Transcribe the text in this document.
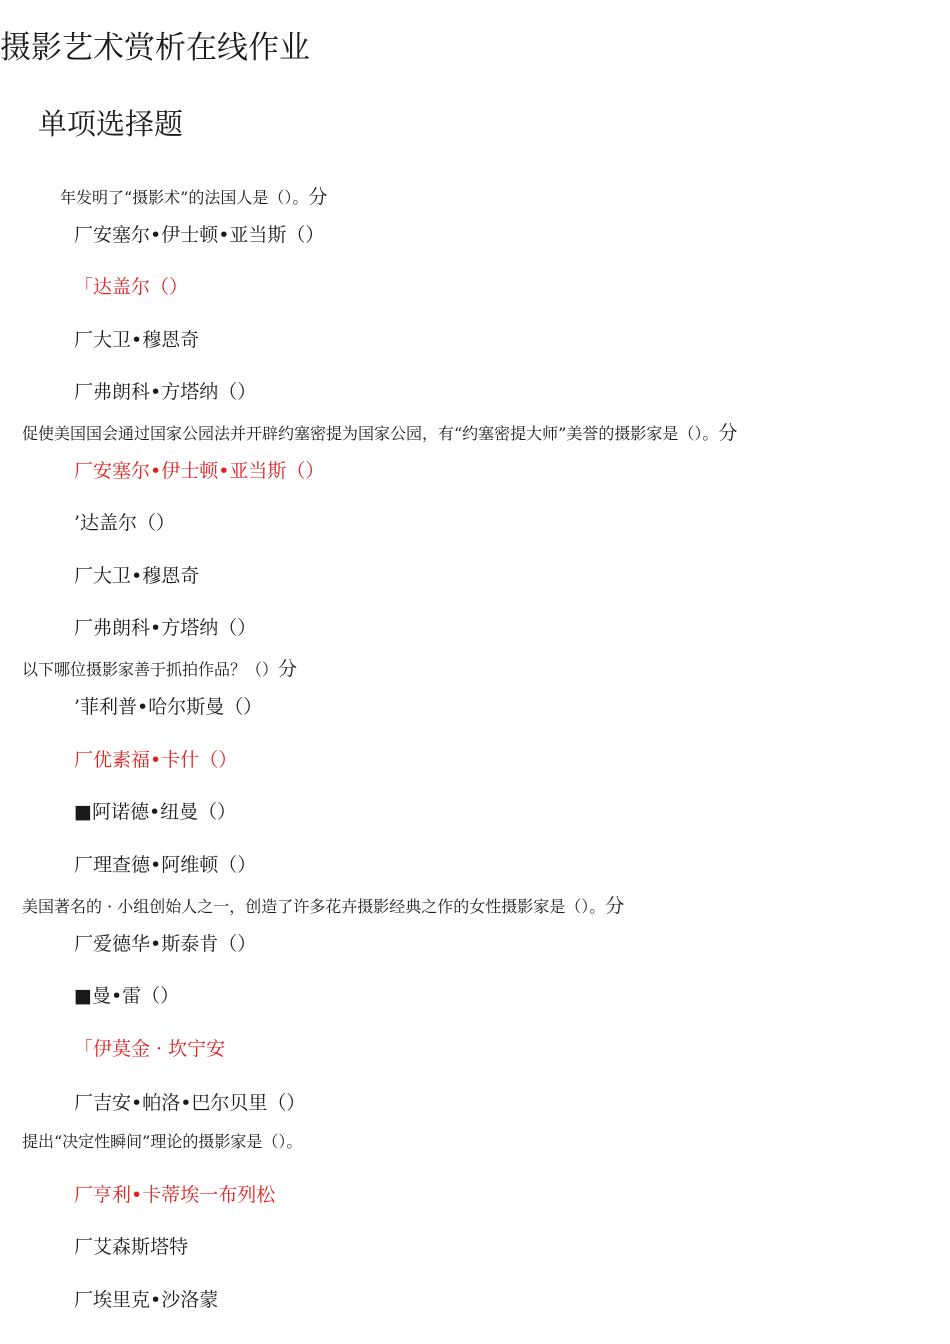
摄影艺术赏析在线作业
单项选择题
年发明了“摄影术”的法国人是（）。分
厂安塞尔•伊士顿•亚当斯（）
「达盖尔（）
厂大卫•穆恩奇
厂弗朗科•方塔纳（）
促使美国国会通过国家公园法并开辟约塞密提为国家公园，有“约塞密提大师”美誉的摄影家是（）。分
厂安塞尔•伊士顿•亚当斯（）
’达盖尔（）
厂大卫•穆恩奇
厂弗朗科•方塔纳（）
以下哪位摄影家善于抓拍作品？（）分
’菲利普•哈尔斯曼（）
厂优素福•卡什（）
■阿诺德•纽曼（）
厂理查德•阿维顿（）
美国著名的 · 小组创始人之一，创造了许多花卉摄影经典之作的女性摄影家是（）。分
厂爱德华•斯泰肯（）
■曼•雷（）
「伊莫金 · 坎宁安
厂吉安•帕洛•巴尔贝里（）
提出“决定性瞬间”理论的摄影家是（）。
厂亨利•卡蒂埃一布列松
厂艾森斯塔特
厂埃里克•沙洛蒙
